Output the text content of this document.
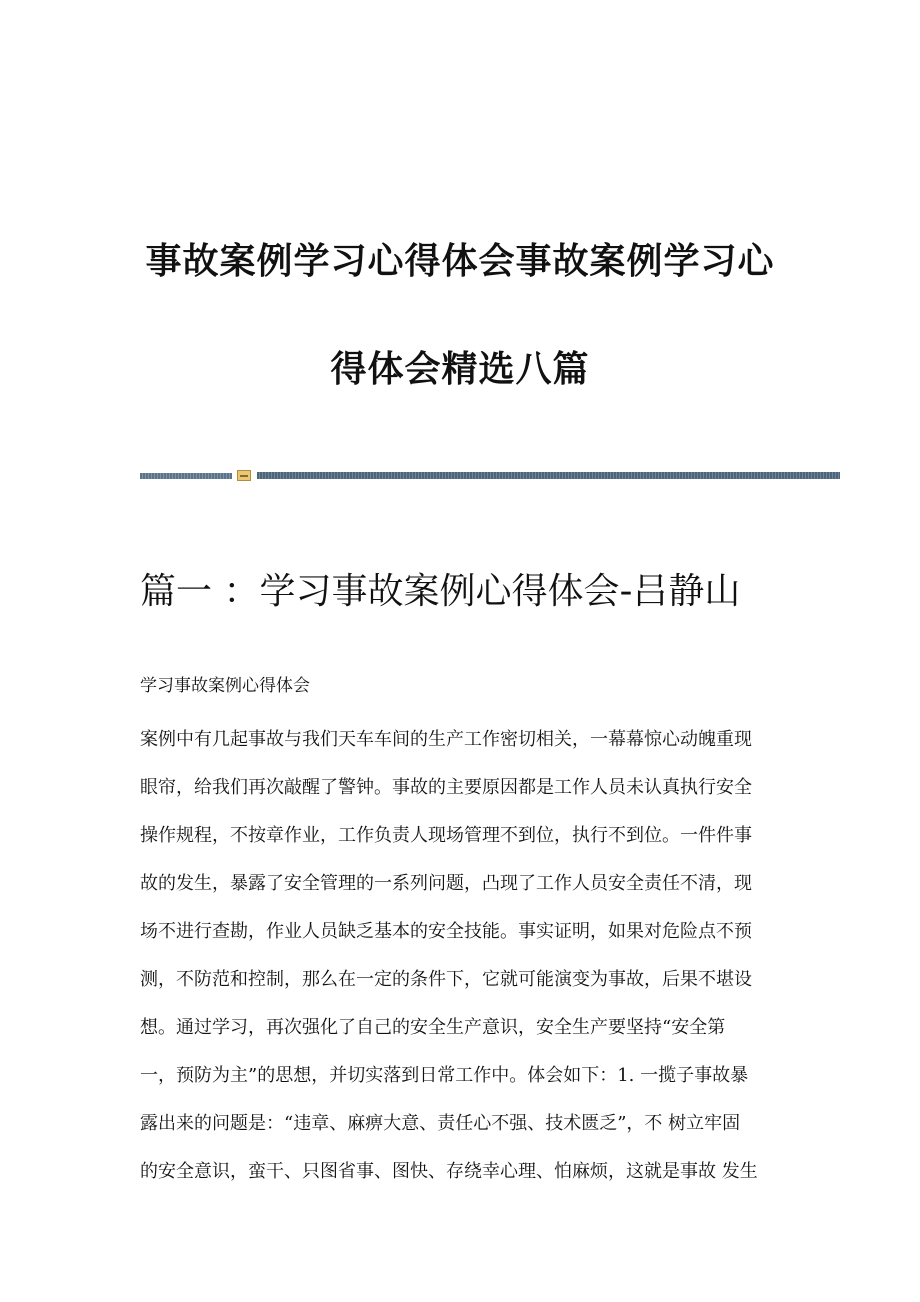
事故案例学习心得体会事故案例学习心
得体会精选八篇
篇一 ：学习事故案例心得体会-吕静山
学习事故案例心得体会
案例中有几起事故与我们天车车间的生产工作密切相关，一幕幕惊心动魄重现
眼帘，给我们再次敲醒了警钟。事故的主要原因都是工作人员未认真执行安全
操作规程，不按章作业，工作负责人现场管理不到位，执行不到位。一件件事
故的发生，暴露了安全管理的一系列问题，凸现了工作人员安全责任不清，现
场不进行查勘，作业人员缺乏基本的安全技能。事实证明，如果对危险点不预
测，不防范和控制，那么在一定的条件下，它就可能演变为事故，后果不堪设
想。通过学习，再次强化了自己的安全生产意识，安全生产要坚持“安全第
一，预防为主”的思想，并切实落到日常工作中。体会如下：1. 一揽子事故暴
露出来的问题是：“违章、麻痹大意、责任心不强、技术匮乏”，不 树立牢固
的安全意识，蛮干、只图省事、图快、存绕幸心理、怕麻烦，这就是事故 发生
